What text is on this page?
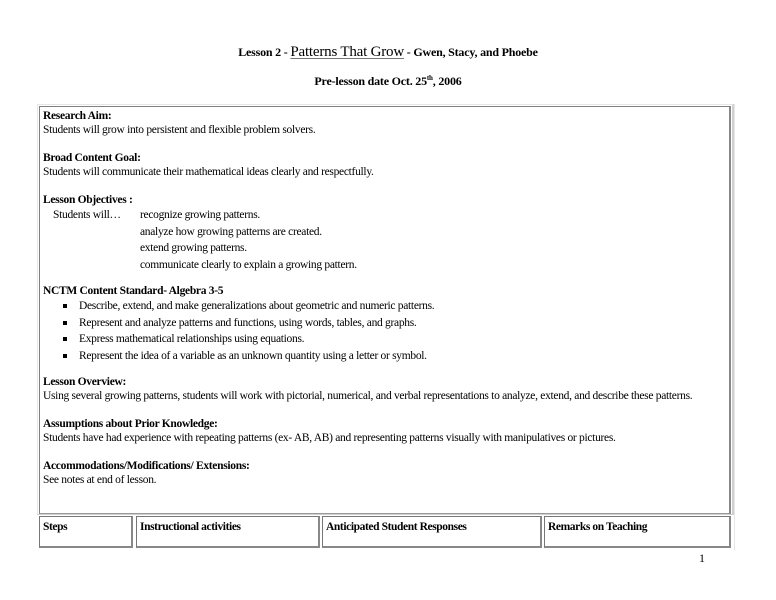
Lesson 2 - Patterns That Grow - Gwen, Stacy, and Phoebe
Pre-lesson date Oct. 25th, 2006
Research Aim:
Students will grow into persistent and flexible problem solvers.
Broad Content Goal:
Students will communicate their mathematical ideas clearly and respectfully.
Lesson Objectives :
Students will…	recognize growing patterns.
analyze how growing patterns are created.
extend growing patterns.
communicate clearly to explain a growing pattern.
NCTM Content Standard- Algebra 3-5
Describe, extend, and make generalizations about geometric and numeric patterns.
Represent and analyze patterns and functions, using words, tables, and graphs.
Express mathematical relationships using equations.
Represent the idea of a variable as an unknown quantity using a letter or symbol.
Lesson Overview:
Using several growing patterns, students will work with pictorial, numerical, and verbal representations to analyze, extend, and describe these patterns.
Assumptions about Prior Knowledge:
Students have had experience with repeating patterns (ex- AB, AB) and representing patterns visually with manipulatives or pictures.
Accommodations/Modifications/ Extensions:
See notes at end of lesson.
Steps	Instructional activities	Anticipated Student Responses	Remarks on Teaching
1
